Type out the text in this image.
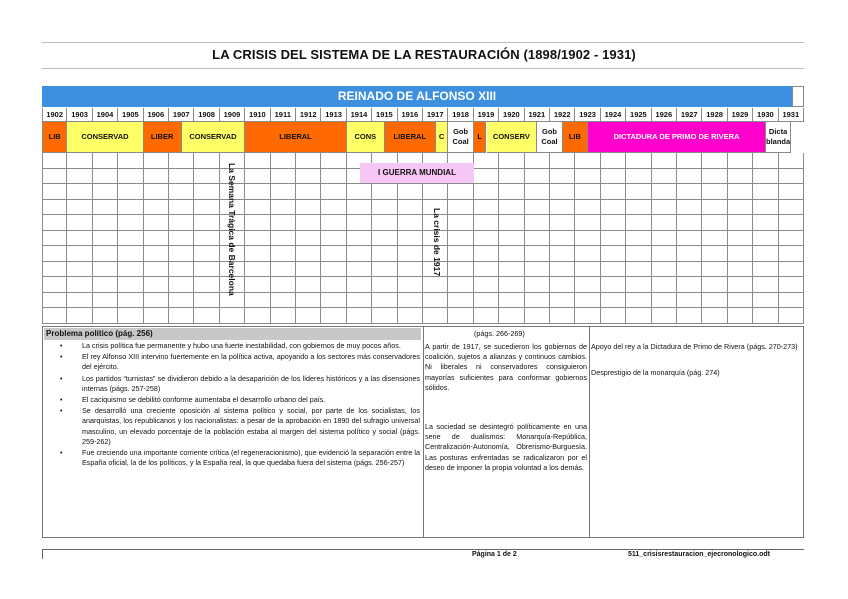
LA CRISIS DEL SISTEMA DE LA RESTAURACIÓN (1898/1902 - 1931)
REINADO DE ALFONSO XIII
1902	1903	1904	1905	1906	1907	1908	1909	1910	1911	1912	1913	1914	1915	1916	1917	1918	1919	1920	1921	1922	1923	1924	1925	1926	1927	1928	1929	1930	1931
LIB	CONSERVAD	LIBER	CONSERVAD	LIBERAL	CONS	LIBERAL	C
Gob Coal
L	CONSERV
Gob Coal
LIB	DICTADURA DE PRIMO DE RIVERA
Dicta blanda
I GUERRA MUNDIAL
La Semana Trágica de Barcelona	La crisis de 1917
Problema político (pág. 256)
•	La crisis política fue permanente y hubo una fuerte inestabilidad, con gobiernos de muy pocos años.
•	El rey Alfonso XIII intervino fuertemente en la política activa, apoyando a los sectores más conservadores del ejército.
•	Los partidos “turnistas” se dividieron debido a la desaparición de los líderes históricos y a las disensiones internas (págs. 257-258)
•	El caciquismo se debilitó conforme aumentaba el desarrollo urbano del país.
•	Se desarrolló una creciente oposición al sistema político y social, por parte de los socialistas, los anarquistas, los republicanos y los nacionalistas: a pesar de la aprobación en 1890 del sufragio universal masculino, un elevado porcentaje de la población estaba al margen del sistema político y social (págs. 259-262)
•	Fue creciendo una importante corriente crítica (el regeneracionismo), que evidenció la separación entre la España oficial, la de los políticos, y la España real, la que quedaba fuera del sistema (págs. 256-257)
(págs. 266-269)
A partir de 1917, se sucedieron los gobiernos de coalición, sujetos a alianzas y continuos cambios. Ni liberales ni conservadores consiguieron mayorías suficientes para conformar gobiernos sólidos.
La sociedad se desintegró políticamente en una serie de dualismos: Monarquía-República, Centralización-Autonomía, Obrerismo-Burguesía. Las posturas enfrentadas se radicalizaron por el deseo de imponer la propia voluntad a los demás.
Apoyo del rey a la Dictadura de Primo de Rivera (págs. 270-273)
Desprestigio de la monarquía (pág. 274)
Página 1 de 2	511_crisisrestauracion_ejecronologico.odt
